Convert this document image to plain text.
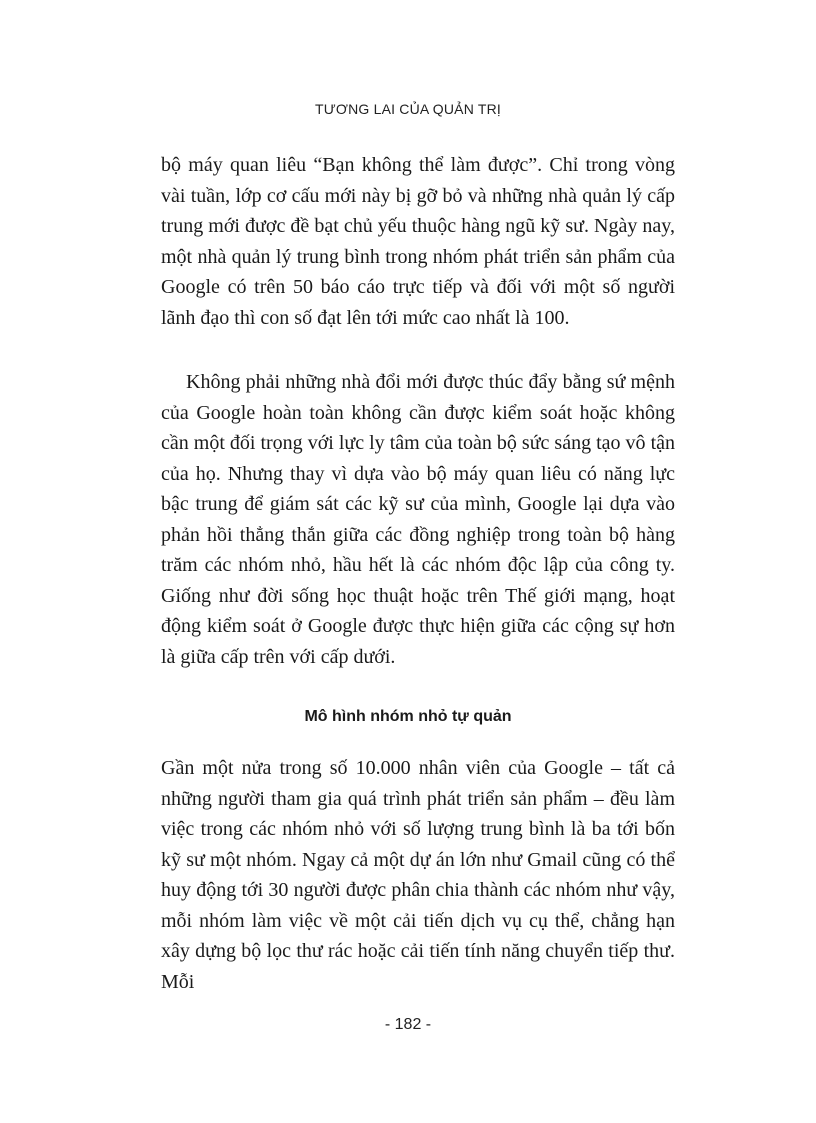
TƯƠNG LAI CỦA QUẢN TRỊ

bộ máy quan liêu “Bạn không thể làm được”. Chỉ trong vòng vài tuần, lớp cơ cấu mới này bị gỡ bỏ và những nhà quản lý cấp trung mới được đề bạt chủ yếu thuộc hàng ngũ kỹ sư. Ngày nay, một nhà quản lý trung bình trong nhóm phát triển sản phẩm của Google có trên 50 báo cáo trực tiếp và đối với một số người lãnh đạo thì con số đạt lên tới mức cao nhất là 100.

Không phải những nhà đổi mới được thúc đẩy bằng sứ mệnh của Google hoàn toàn không cần được kiểm soát hoặc không cần một đối trọng với lực ly tâm của toàn bộ sức sáng tạo vô tận của họ. Nhưng thay vì dựa vào bộ máy quan liêu có năng lực bậc trung để giám sát các kỹ sư của mình, Google lại dựa vào phản hồi thẳng thắn giữa các đồng nghiệp trong toàn bộ hàng trăm các nhóm nhỏ, hầu hết là các nhóm độc lập của công ty. Giống như đời sống học thuật hoặc trên Thế giới mạng, hoạt động kiểm soát ở Google được thực hiện giữa các cộng sự hơn là giữa cấp trên với cấp dưới.

Mô hình nhóm nhỏ tự quản

Gần một nửa trong số 10.000 nhân viên của Google – tất cả những người tham gia quá trình phát triển sản phẩm – đều làm việc trong các nhóm nhỏ với số lượng trung bình là ba tới bốn kỹ sư một nhóm. Ngay cả một dự án lớn như Gmail cũng có thể huy động tới 30 người được phân chia thành các nhóm như vậy, mỗi nhóm làm việc về một cải tiến dịch vụ cụ thể, chẳng hạn xây dựng bộ lọc thư rác hoặc cải tiến tính năng chuyển tiếp thư. Mỗi

- 182 -
